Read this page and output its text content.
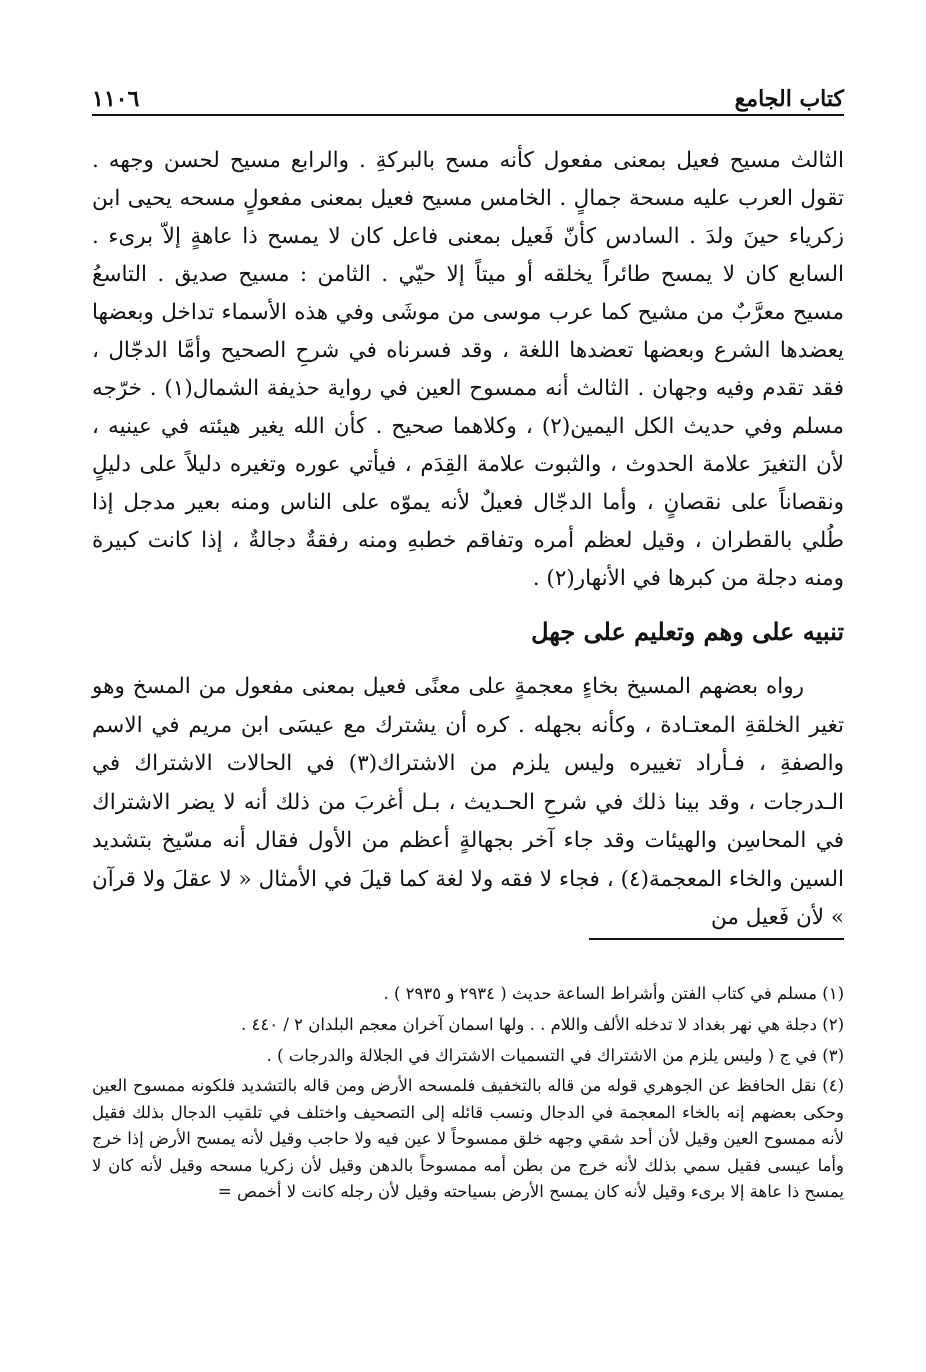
كتاب الجامع
١١٠٦

الثالث مسيح فعيل بمعنى مفعول كأنه مسح بالبركةِ . والرابع مسيح لحسن وجهه . تقول العرب عليه مسحة جمالٍ . الخامس مسيح فعيل بمعنى مفعولٍ مسحه يحيى ابن زكرياء حينَ ولدَ . السادس كأنّ فَعيل بمعنى فاعل كان لا يمسح ذا عاهةٍ إلاّ برىء . السابع كان لا يمسح طائراً يخلقه أو ميتاً إلا حيّي . الثامن : مسيح صديق . التاسعُ مسيح معرَّبٌ من مشيح كما عرب موسى من موشَى وفي هذه الأسماء تداخل وبعضها يعضدها الشرع وبعضها تعضدها اللغة ، وقد فسرناه في شرحِ الصحيح وأمَّا الدجّال ، فقد تقدم وفيه وجهان . الثالث أنه ممسوح العين في رواية حذيفة الشمال(١) . خرّجه مسلم وفي حديث الكل اليمين(٢) ، وكلاهما صحيح . كأن الله يغير هيئته في عينيه ، لأن التغيرَ علامة الحدوث ، والثبوت علامة القِدَم ، فيأتي عوره وتغيره دليلاً على دليلٍ ونقصاناً على نقصانٍ ، وأما الدجّال فعيلٌ لأنه يموّه على الناس ومنه بعير مدجل إذا طُلي بالقطران ، وقيل لعظم أمره وتفاقم خطبهِ ومنه رفقةٌ دجالةٌ ، إذا كانت كبيرة ومنه دجلة من كبرها في الأنهار(٢) .

تنبيه على وهم وتعليم على جهل

رواه بعضهم المسيخ بخاءٍ معجمةٍ على معنًى فعيل بمعنى مفعول من المسخ وهو تغير الخلقةِ المعتـادة ، وكأنه بجهله . كره أن يشترك مع عيسَى ابن مريم في الاسم والصفةِ ، فـأراد تغييره وليس يلزم من الاشتراك(٣) في الحالات الاشتراك في الـدرجات ، وقد بينا ذلك في شرحِ الحـديث ، بـل أغربَ من ذلك أنه لا يضر الاشتراك في المحاسِن والهيئات وقد جاء آخر بجهالةٍ أعظم من الأول فقال أنه مسّيخ بتشديد السين والخاء المعجمة(٤) ، فجاء لا فقه ولا لغة كما قيلَ في الأمثال « لا عقلَ ولا قرآن » لأن فَعيل من

(١) مسلم في كتاب الفتن وأشراط الساعة حديث ( ٢٩٣٤ و ٢٩٣٥ ) .

(٢) دجلة هي نهر بغداد لا تدخله الألف واللام . . ولها اسمان آخران معجم البلدان ٢ / ٤٤٠ .

(٣) في ج ( وليس يلزم من الاشتراك في التسميات الاشتراك في الجلالة والدرجات ) .

(٤) نقل الحافظ عن الجوهري قوله من قاله بالتخفيف فلمسحه الأرض ومن قاله بالتشديد فلكونه ممسوح العين وحكى بعضهم إنه بالخاء المعجمة في الدجال ونسب قائله إلى التصحيف واختلف في تلقيب الدجال بذلك فقيل لأنه ممسوح العين وقيل لأن أحد شقي وجهه خلق ممسوحاً لا عين فيه ولا حاجب وقيل لأنه يمسح الأرض إذا خرج وأما عيسى فقيل سمي بذلك لأنه خرج من بطن أمه ممسوحاً بالدهن وقيل لأن زكريا مسحه وقيل لأنه كان لا يمسح ذا عاهة إلا برىء وقيل لأنه كان يمسح الأرض بسياحته وقيل لأن رجله كانت لا أخمص =
